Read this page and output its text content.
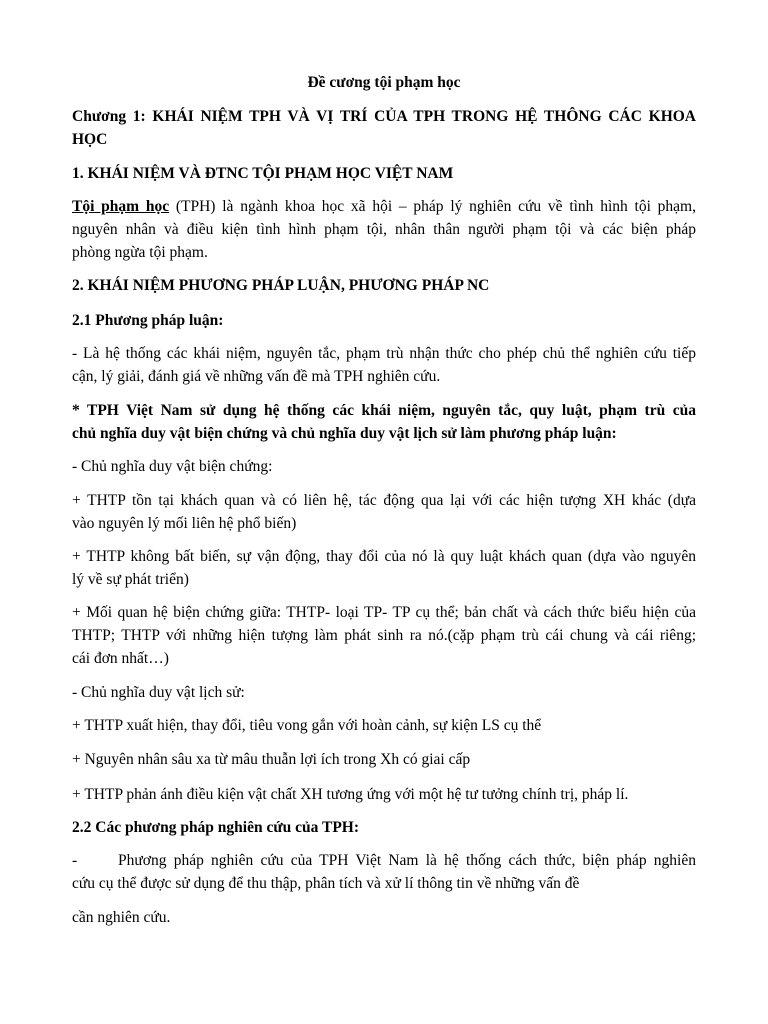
Đề cương tội phạm học
Chương 1: KHÁI NIỆM TPH VÀ VỊ TRÍ CỦA TPH TRONG HỆ THÔNG CÁC KHOA
HỌC
1. KHÁI NIỆM VÀ ĐTNC TỘI PHẠM HỌC VIỆT NAM
Tội phạm học (TPH) là ngành khoa học xã hội – pháp lý nghiên cứu về tình hình tội phạm,
nguyên nhân và điều kiện tình hình phạm tội, nhân thân người phạm tội và các biện pháp
phòng ngừa tội phạm.
2. KHÁI NIỆM PHƯƠNG PHÁP LUẬN, PHƯƠNG PHÁP NC
2.1 Phương pháp luận:
- Là hệ thống các khái niệm, nguyên tắc, phạm trù nhận thức cho phép chủ thể nghiên cứu tiếp
cận, lý giải, đánh giá về những vấn đề mà TPH nghiên cứu.
* TPH Việt Nam sử dụng hệ thống các khái niệm, nguyên tắc, quy luật, phạm trù của
chủ nghĩa duy vật biện chứng và chủ nghĩa duy vật lịch sử làm phương pháp luận:
- Chủ nghĩa duy vật biện chứng:
+ THTP tồn tại khách quan và có liên hệ, tác động qua lại với các hiện tượng XH khác (dựa
vào nguyên lý mối liên hệ phổ biến)
+ THTP không bất biến, sự vận động, thay đổi của nó là quy luật khách quan (dựa vào nguyên
lý về sự phát triển)
+ Mối quan hệ biện chứng giữa: THTP- loại TP- TP cụ thể; bản chất và cách thức biểu hiện của
THTP; THTP với những hiện tượng làm phát sinh ra nó.(cặp phạm trù cái chung và cái riêng;
cái đơn nhất…)
- Chủ nghĩa duy vật lịch sử:
+ THTP xuất hiện, thay đổi, tiêu vong gắn với hoàn cảnh, sự kiện LS cụ thể
+ Nguyên nhân sâu xa từ mâu thuẫn lợi ích trong Xh có giai cấp
+ THTP phản ánh điều kiện vật chất XH tương ứng với một hệ tư tưởng chính trị, pháp lí.
2.2 Các phương pháp nghiên cứu của TPH:
-	Phương pháp nghiên cứu của TPH Việt Nam là hệ thống cách thức, biện pháp nghiên
cứu cụ thể được sử dụng để thu thập, phân tích và xử lí thông tin về những vấn đề
cần nghiên cứu.
